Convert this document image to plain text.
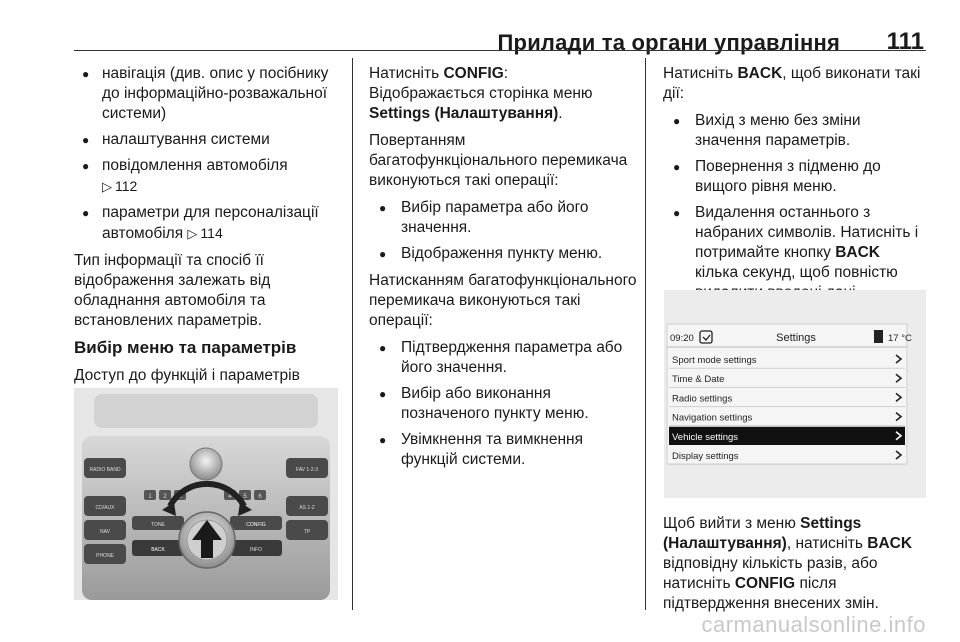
Прилади та органи управління 111
● навігація (див. опис у посібнику до інформаційно-розважальної системи)
● налаштування системи
● повідомлення автомобіля
▷ 112
● параметри для персоналізації автомобіля ▷ 114

Тип інформації та спосіб її відображення залежать від обладнання автомобіля та встановлених параметрів.

Вибір меню та параметрів

Доступ до функцій і параметрів

RADIO BAND
CD/AUX
NAV
PHONE
FAV 1-2-3
AS 1-2
TP
1 2 3	4 5 6
TONE	CONFIG
BACK	INFO

Натисніть CONFIG:
Відображається сторінка меню
Settings (Налаштування).

Повертанням багатофункціонального перемикача виконуються такі операції:

● Вибір параметра або його значення.
● Відображення пункту меню.

Натисканням багатофункціонального перемикача виконуються такі операції:

● Підтвердження параметра або його значення.
● Вибір або виконання позначеного пункту меню.
● Увімкнення та вимкнення функцій системи.

Натисніть BACK, щоб виконати такі дії:

● Вихід з меню без зміни значення параметрів.
● Повернення з підменю до вищого рівня меню.
● Видалення останнього з набраних символів. Натисніть і потримайте кнопку BACK кілька секунд, щоб повністю
09:20	Settings	17 °C
Sport mode settings
Time & Date
Radio settings
Navigation settings
Vehicle settings
Display settings

Щоб вийти з меню Settings (Налаштування), натисніть BACK відповідну кількість разів, або натисніть CONFIG після підтвердження внесених змін.

carmanualsonline.info
